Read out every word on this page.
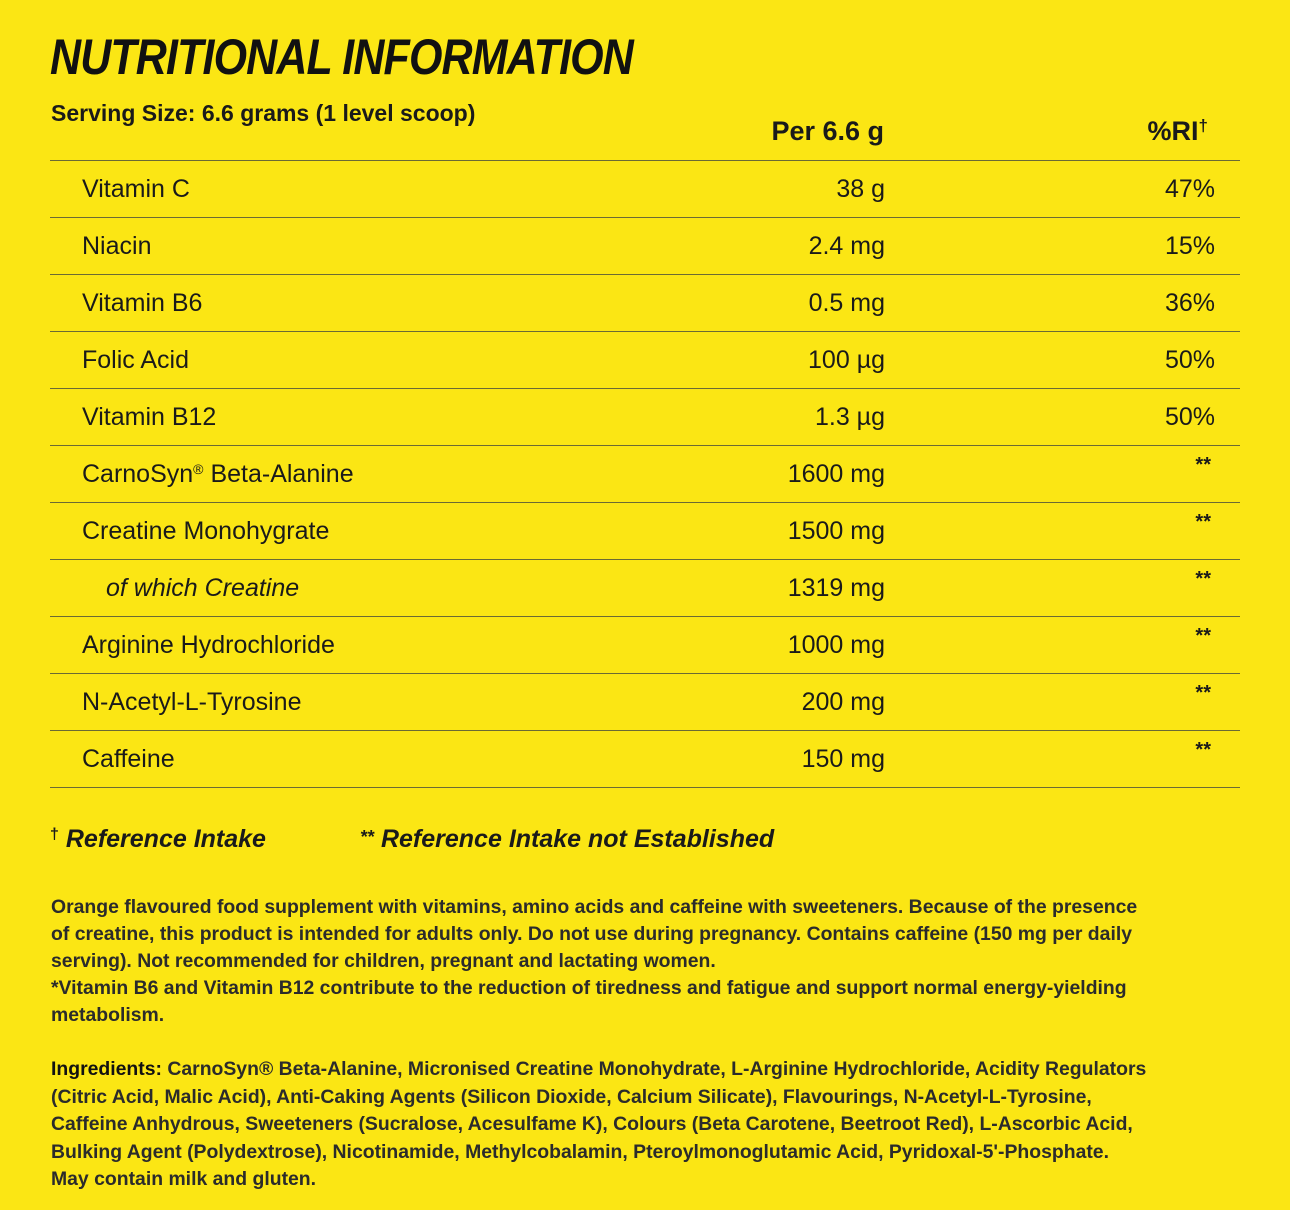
NUTRITIONAL INFORMATION
Serving Size: 6.6 grams (1 level scoop)
Per 6.6 g	%RI†
Vitamin C	38 g	47%
Niacin	2.4 mg	15%
Vitamin B6	0.5 mg	36%
Folic Acid	100 µg	50%
Vitamin B12	1.3 µg	50%
CarnoSyn® Beta-Alanine	1600 mg	**
Creatine Monohygrate	1500 mg	**
of which Creatine	1319 mg	**
Arginine Hydrochloride	1000 mg	**
N-Acetyl-L-Tyrosine	200 mg	**
Caffeine	150 mg	**
† Reference Intake	** Reference Intake not Established
Orange flavoured food supplement with vitamins, amino acids and caffeine with sweeteners. Because of the presence
of creatine, this product is intended for adults only. Do not use during pregnancy. Contains caffeine (150 mg per daily
serving). Not recommended for children, pregnant and lactating women.
*Vitamin B6 and Vitamin B12 contribute to the reduction of tiredness and fatigue and support normal energy-yielding
metabolism.
Ingredients: CarnoSyn® Beta-Alanine, Micronised Creatine Monohydrate, L-Arginine Hydrochloride, Acidity Regulators
(Citric Acid, Malic Acid), Anti-Caking Agents (Silicon Dioxide, Calcium Silicate), Flavourings, N-Acetyl-L-Tyrosine,
Caffeine Anhydrous, Sweeteners (Sucralose, Acesulfame K), Colours (Beta Carotene, Beetroot Red), L-Ascorbic Acid,
Bulking Agent (Polydextrose), Nicotinamide, Methylcobalamin, Pteroylmonoglutamic Acid, Pyridoxal-5'-Phosphate.
May contain milk and gluten.
